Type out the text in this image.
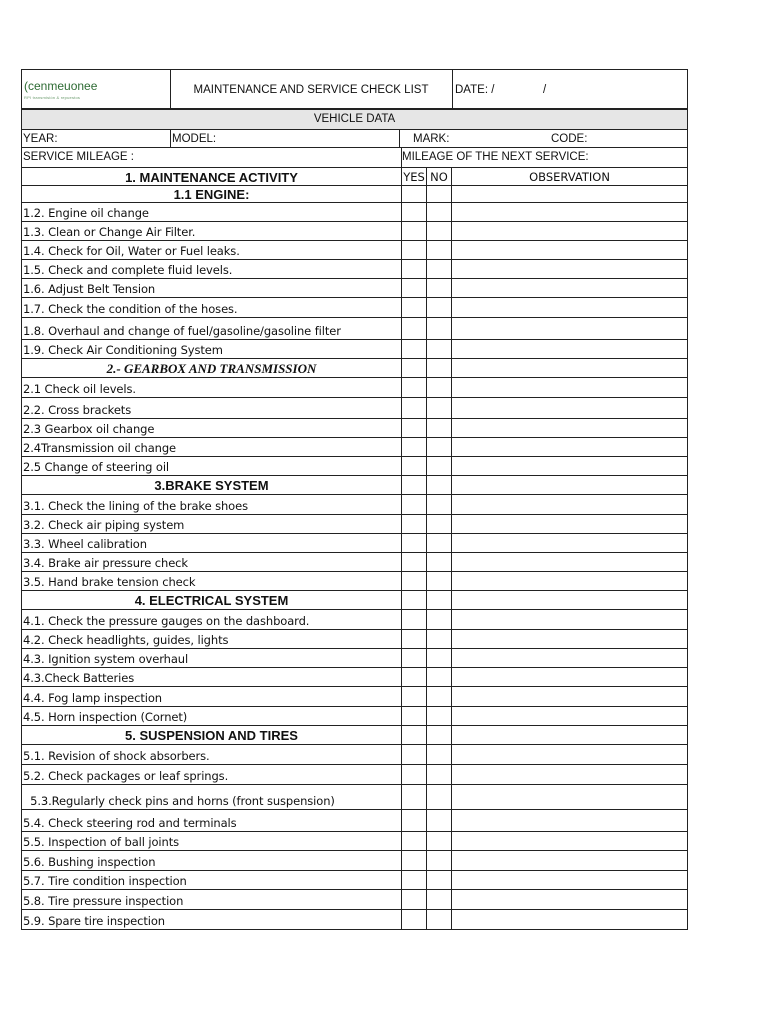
(cenmeuonee
RPI transmisión & repuestos
MAINTENANCE AND SERVICE CHECK LIST	DATE: /	/
VEHICLE DATA
YEAR:	MODEL:	MARK:	CODE:
SERVICE MILEAGE :	MILEAGE OF THE NEXT SERVICE:
1. MAINTENANCE ACTIVITY	YES NO	OBSERVATION
1.1 ENGINE:
1.2. Engine oil change
1.3. Clean or Change Air Filter.
1.4. Check for Oil, Water or Fuel leaks.
1.5. Check and complete fluid levels.
1.6. Adjust Belt Tension
1.7. Check the condition of the hoses.
1.8. Overhaul and change of fuel/gasoline/gasoline filter
1.9. Check Air Conditioning System
2.- GEARBOX AND TRANSMISSION
2.1 Check oil levels.
2.2. Cross brackets
2.3 Gearbox oil change
2.4Transmission oil change
2.5 Change of steering oil
3.BRAKE SYSTEM
3.1. Check the lining of the brake shoes
3.2. Check air piping system
3.3. Wheel calibration
3.4. Brake air pressure check
3.5. Hand brake tension check
4. ELECTRICAL SYSTEM
4.1. Check the pressure gauges on the dashboard.
4.2. Check headlights, guides, lights
4.3. Ignition system overhaul
4.3.Check Batteries
4.4. Fog lamp inspection
4.5. Horn inspection (Cornet)
5. SUSPENSION AND TIRES
5.1. Revision of shock absorbers.
5.2. Check packages or leaf springs.
5.3.Regularly check pins and horns (front suspension)
5.4. Check steering rod and terminals
5.5. Inspection of ball joints
5.6. Bushing inspection
5.7. Tire condition inspection
5.8. Tire pressure inspection
5.9. Spare tire inspection
